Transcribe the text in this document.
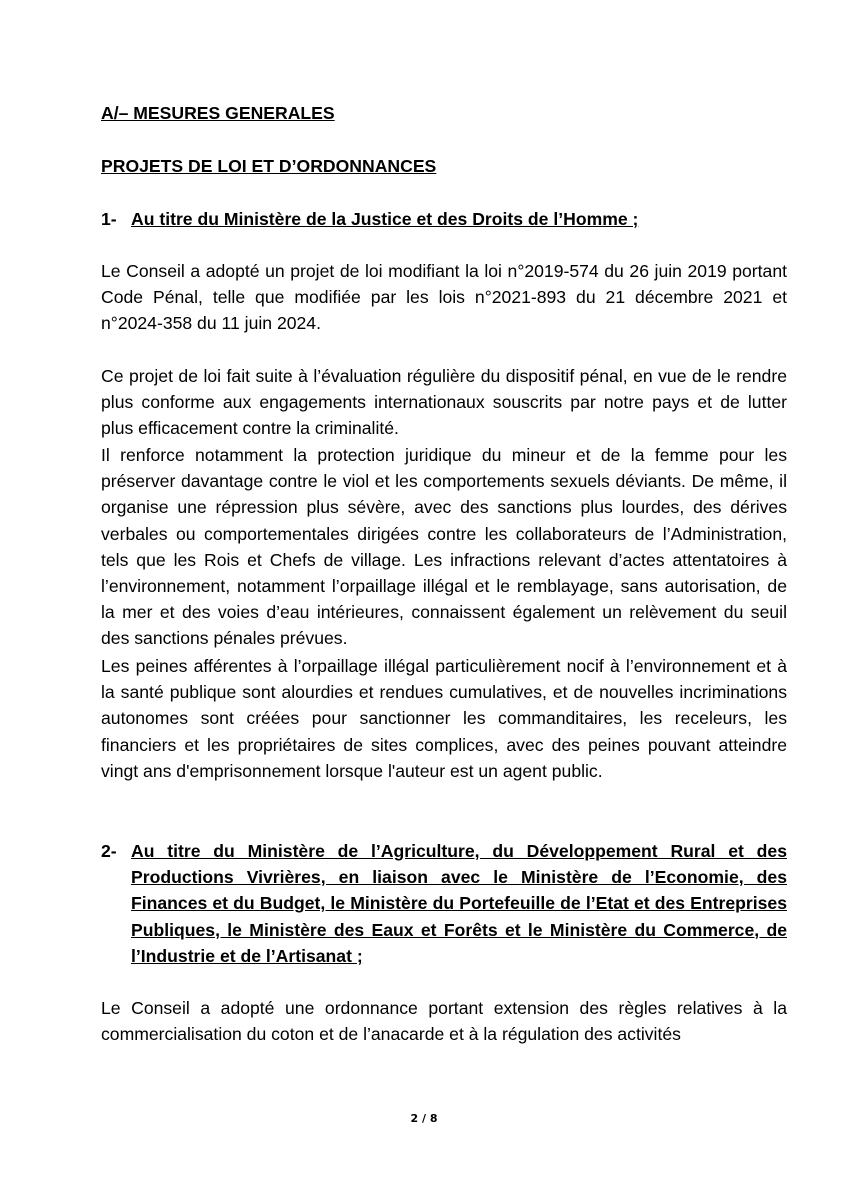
A/– MESURES GENERALES
PROJETS DE LOI ET D’ORDONNANCES
1- Au titre du Ministère de la Justice et des Droits de l’Homme ;

Le Conseil a adopté un projet de loi modifiant la loi n°2019-574 du 26 juin 2019 portant Code Pénal, telle que modifiée par les lois n°2021-893 du 21 décembre 2021 et n°2024-358 du 11 juin 2024.

Ce projet de loi fait suite à l’évaluation régulière du dispositif pénal, en vue de le rendre plus conforme aux engagements internationaux souscrits par notre pays et de lutter plus efficacement contre la criminalité.

Il renforce notamment la protection juridique du mineur et de la femme pour les préserver davantage contre le viol et les comportements sexuels déviants. De même, il organise une répression plus sévère, avec des sanctions plus lourdes, des dérives verbales ou comportementales dirigées contre les collaborateurs de l’Administration, tels que les Rois et Chefs de village. Les infractions relevant d’actes attentatoires à l’environnement, notamment l’orpaillage illégal et le remblayage, sans autorisation, de la mer et des voies d’eau intérieures, connaissent également un relèvement du seuil des sanctions pénales prévues.

Les peines afférentes à l’orpaillage illégal particulièrement nocif à l’environnement et à la santé publique sont alourdies et rendues cumulatives, et de nouvelles incriminations autonomes sont créées pour sanctionner les commanditaires, les receleurs, les financiers et les propriétaires de sites complices, avec des peines pouvant atteindre vingt ans d'emprisonnement lorsque l'auteur est un agent public.

2- Au titre du Ministère de l’Agriculture, du Développement Rural et des Productions Vivrières, en liaison avec le Ministère de l’Economie, des Finances et du Budget, le Ministère du Portefeuille de l’Etat et des Entreprises Publiques, le Ministère des Eaux et Forêts et le Ministère du Commerce, de l’Industrie et de l’Artisanat ;

Le Conseil a adopté une ordonnance portant extension des règles relatives à la commercialisation du coton et de l’anacarde et à la régulation des activités

2 / 8
